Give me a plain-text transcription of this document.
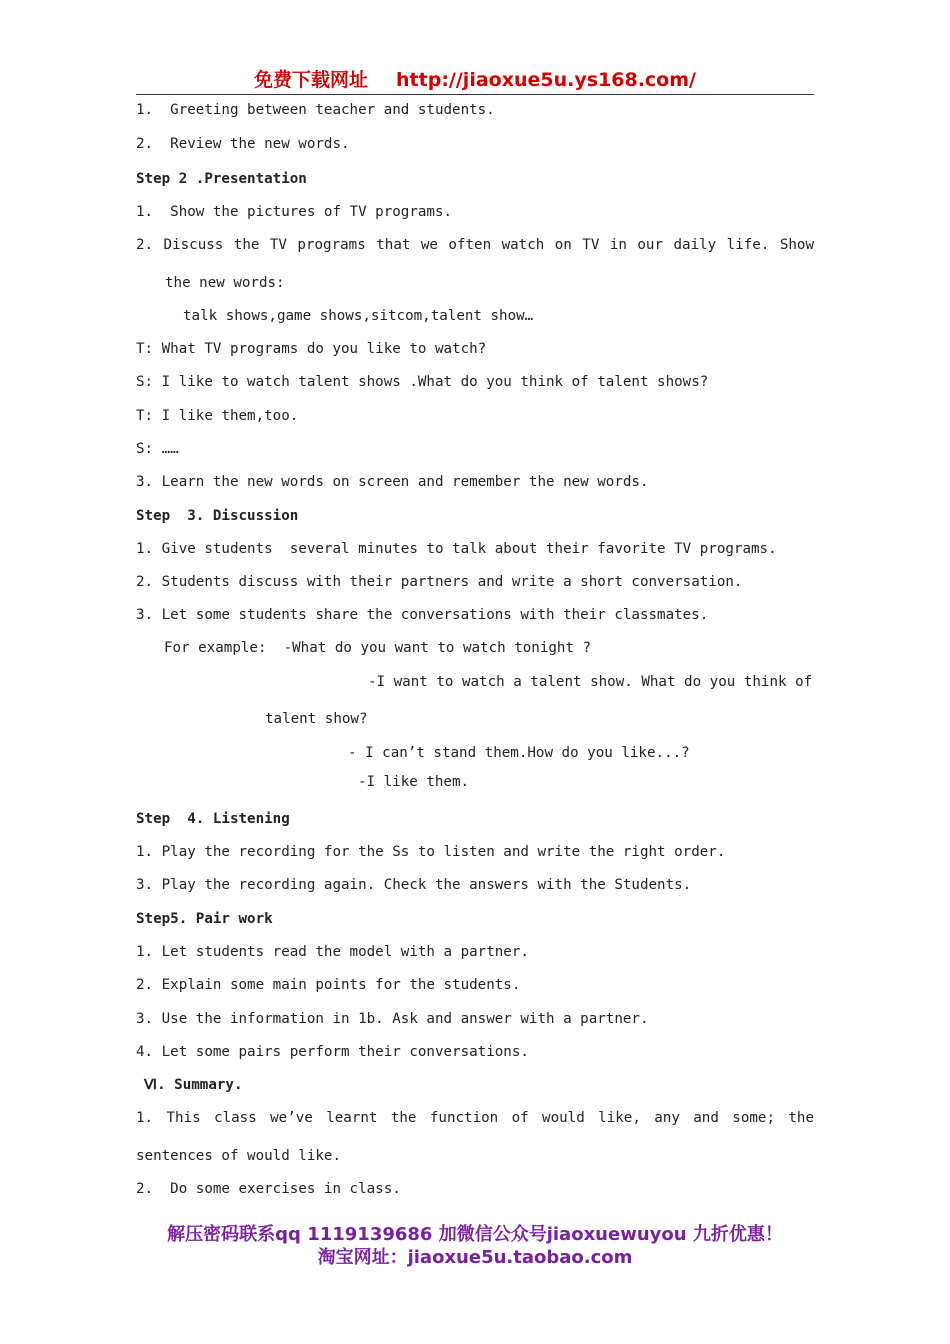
免费下载网址 http://jiaoxue5u.ys168.com/
1.  Greeting between teacher and students.
2.  Review the new words.
Step 2 .Presentation
1.  Show the pictures of TV programs.
2. Discuss the TV programs that we often watch on TV in our daily life. Show
the new words:
talk shows,game shows,sitcom,talent show…
T: What TV programs do you like to watch?
S: I like to watch talent shows .What do you think of talent shows?
T: I like them,too.
S: ……
3. Learn the new words on screen and remember the new words.
Step  3. Discussion
1. Give students  several minutes to talk about their favorite TV programs.
2. Students discuss with their partners and write a short conversation.
3. Let some students share the conversations with their classmates.
For example:  -What do you want to watch tonight ?
-I want to watch a talent show. What do you think of
talent show?
- I can’t stand them.How do you like...?
-I like them.
Step  4. Listening
1. Play the recording for the Ss to listen and write the right order.
3. Play the recording again. Check the answers with the Students.
Step5. Pair work
1. Let students read the model with a partner.
2. Explain some main points for the students.
3. Use the information in 1b. Ask and answer with a partner.
4. Let some pairs perform their conversations.
Ⅵ. Summary.
1. This class we’ve learnt the function of would like, any and some; the
sentences of would like.
2.  Do some exercises in class.
解压密码联系qq 1119139686 加微信公众号jiaoxuewuyou 九折优惠！
淘宝网址：jiaoxue5u.taobao.com
